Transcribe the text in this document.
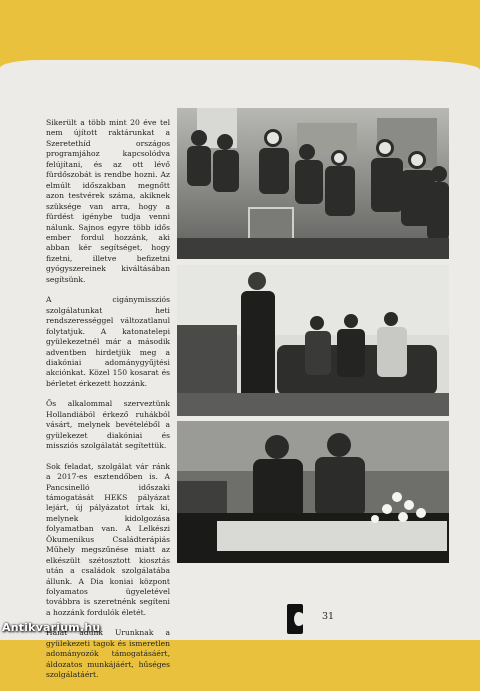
Sikerült a több mint 20 éve tel nem újított raktárunkat a Szeretethíd országos programjához kapcsolódva felújítani, és az ott lévő fürdőszobát is rendbe hozni. Az elmúlt időszakban megnőtt azon testvérek száma, akiknek szüksége van arra, hogy a fürdést igénybe tudja venni nálunk. Sajnos egyre több idős ember fordul hozzánk, aki abban kér segítséget, hogy fizetni, illetve befizetni gyógyszereinek kiváltásában segítsünk.

A cigánymissziós szolgálatunkat heti rendszerességgel változatlanul folytatjuk. A katonatelepi gyülekezetnél már a második adventben hirdetjük meg a diakóniai adománygyűjtési akciónkat. Közel 150 kosarat és bérletet érkezett hozzánk.

Ős alkalommal szerveztünk Hollandiából érkező ruhákból vásárt, melynek bevételéből a gyülekezet diakóniai és missziós szolgálatát segítettük.

Sok feladat, szolgálat vár ránk a 2017-es esztendőben is. A Pancsinelló időszaki támogatását HEKS pályázat lejárt, új pályázatot írtak ki, melynek kidolgozása folyamatban van. A Lelkészi Ökumenikus Családterápiás Műhely megszűnése miatt az elkészült szétosztott kiosztás után a családok szolgálatába állunk. A Dia koniai központ folyamatos ügyeletével továbbra is szeretnénk segíteni a hozzánk fordulók életét.

Hálát adunk Urunknak a gyülekezeti tagok és ismeretlen adományozók támogatásáért, áldozatos munkájáért, hűséges szolgálatáért.

31
Antikvarium.hu
